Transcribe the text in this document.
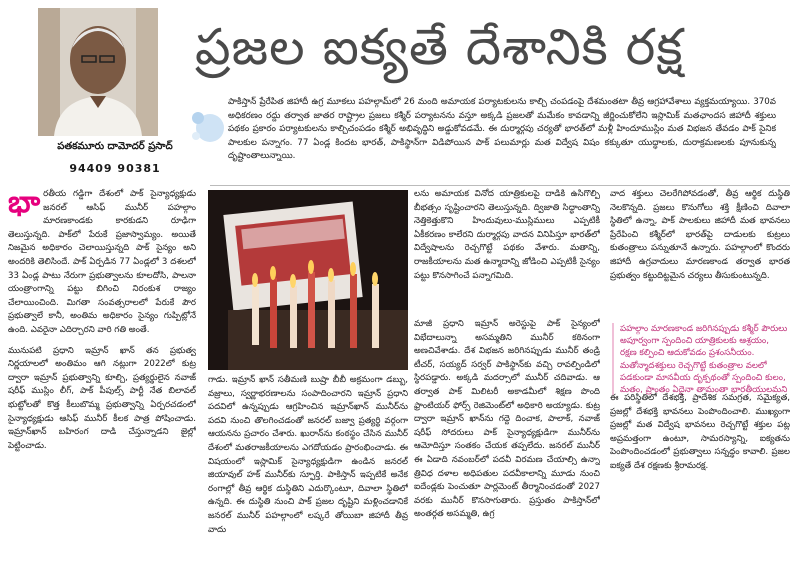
ప్రజల ఐక్యతే దేశానికి రక్ష
పతకమూరు దామోదర్ ప్రసాద్
94409 90381
పాకిస్తాన్ ప్రేరేపిత జిహాదీ ఉగ్ర మూకలు పహల్గామ్‌లో 26 మంది అమాయక పర్యాటకులను కాల్చి చంపడంపై దేశమంతటా తీవ్ర ఆగ్రహావేశాలు వ్యక్తమయ్యాయి. 370వ అధికరణం రద్దు తర్వాత జాతర రాష్ట్రాల ప్రజలు కశ్మీర్ పర్యాటనను వస్తూ అక్కడి ప్రజలతో మమేకం కావడాన్ని జీర్ణించుకోలేని ఇస్లామిక్ మతఛాందస జిహాదీ శక్తులు పథకం ప్రకారం పర్యాటకులను కాల్చిచంపడం కశ్మీర్ అభివృద్ధిని అడ్డుకోవడమే. ఈ దుర్మార్గపు చర్యతో భారత్‌లో మళ్లీ హిందూముస్లిం మత విభజన తేవడం పాక్ సైనిక పాలకుల పన్నాగం. 77 ఏండ్ల కిందట భారత్, పాకిస్థాన్‌గా విడిపోయిన పాక్ పలుమార్లు మత విద్వేష విషం కక్కుతూ యుద్ధాలకు, దురాక్రమణలకు పూనుకున్న దృష్టాంతాలున్నాయి.

భారతీయ గడ్డిగా దేశంలో పాక్ సైన్యాధ్యక్షుడు జనరల్ ఆసిఫ్ మునీర్ పహల్గాం మారణకాండకు కారకుడని రూఢిగా తెలుస్తున్నది. పాక్‌లో పేరుకే ప్రజాస్వామ్యం. అయితే నిజమైన అధికారం చెలాయిస్తున్నది పాక్ సైన్యం అని అందరికి తెలిసిందే. పాక్ ఏర్పడిన 77 ఏండ్లలో 3 దశలలో 33 ఏండ్ల పాటు నేరుగా ప్రభుత్వాలను కూలదోసి, పాలనా యంత్రాంగాన్ని పట్టు బిగించి నిరంకుశ రాజ్యం చేలాయించింది. మిగతా సంవత్సరాలలో పేరుకే పౌర ప్రభుత్వాలే కానీ, అంతిమ అధికారం సైన్యం గుప్పిట్లోనే ఉంది. ఎవరైనా ఎదిర్చారని వారి గతి అంతే.

మునుపటి ప్రధాని ఇమ్రాన్ ఖాన్ తన ప్రభుత్వ నిర్ణయాలలో అంతిమం ఆగి నట్లుగా 2022లో కుట్ర ద్వారా ఇమ్రాన్ ప్రభుత్వాన్ని కూల్చి, ప్రత్యర్థులైన నవాజ్ షరీఫ్ ముస్లిం లీగ్, పాక్ పీపుల్స్ పార్టీ నేత బిలావల్ భుట్టోలతో కొత్త కీలుబొమ్మ ప్రభుత్వాన్ని ఏర్పరచడంలో సైన్యాధ్యక్షుడు ఆసిఫ్ మునీర్ కీలక పాత్ర పోషించాడు. ఇమ్రాన్‌ఖాన్ బహిరంగ దాడి చేస్తున్నాడని జైల్లో పెట్టించాడు.

గాడు. ఇమ్రాన్ ఖాన్ సతీమణి బుష్రా బీబీ అక్రమంగా డబ్బు, వజ్రాలు, స్వర్ణాభరణాలను సంపాదించారని ఇమ్రాన్ ప్రధాని పదవిలో ఉన్నప్పుడు ఆగ్రహించిన ఇమ్రాన్‌ఖాన్ మునీర్‌ను పదవి నుంచి తొలగించడంతో జనరల్ బజ్వా ప్రత్యర్థి వర్గంగా ఆయనను ప్రచారం చేశారు. ఖురాన్‌ను కంఠస్థం చేసిన మునీర్ దేశంలో మతరాజకీయాలను ఎగదోయడం ప్రారంభించాడు. ఈ విషయంలో ఇస్లామిక్ సైన్యాధ్యక్షుడిగా ఉండిన జనరల్ జియావుల్ హక్ మునీర్‌కు స్ఫూర్తి. పాకిస్తాన్ ఇప్పటికే అనేక రంగాల్లో తీవ్ర ఆర్థిక దుస్థితిని ఎదుర్కొంటూ, దివాలా స్థితిలో ఉన్నది. ఈ దుస్థితి నుంచి పాక్ ప్రజల దృష్టిని మళ్లించడానికే జనరల్ మునీర్ పహల్గాంలో లష్కరే తోయిబా జిహాదీ తీవ్ర వాదు
లను అమాయక వినోద యాత్రికులపై దాడికి ఉసిగొల్పి బీభత్సం సృష్టించారని తెలుస్తున్నది. ద్విజాతి సిద్ధాంతాన్ని నెత్తికెత్తుకొని హిందువులు-ముస్లిములు ఎప్పటికీ ఏకీకరణం కాలేరని దుర్మార్గపు వాదన వినిపిస్తూ భారత్‌లో విద్వేషాలను రెచ్చగొట్టే పథకం వేశారు. మతాన్ని, రాజకీయాలను మత ఉన్మాదాన్ని జోడించి ఎప్పటికీ సైన్యం పట్టు కొనసాగించే పన్నాగమిది.
మాజీ ప్రధాని ఇమ్రాన్ అరెస్టుపై పాక్ సైన్యంలో విభేదాలున్నా అసమ్మతిని మునీర్ కఠినంగా అణచివేశాడు. దేశ విభజన జరిగినప్పుడు మునీర్ తండ్రి టీచర్, సయ్యద్ సర్వర్ పాకిస్థాన్‌కు వచ్చి రావల్పిండిలో స్థిరపడ్డారు. అక్కడి మదర్సాలో మునీర్ చదివాడు. ఆ తర్వాత పాక్ మిలిటరీ అకాడమీలో శిక్షణ పొంది ఫ్రాంటియర్ ఫోర్స్ రెజిమెంట్‌లో అధికారి అయ్యాడు. కుట్ర ద్వారా ఇమ్రాన్ ఖాన్‌ను గద్దె దించాక, పాలాక్, నవాజ్ షరీఫ్ సోదరులు పాక్ సైన్యాధ్యక్షుడిగా మునీర్‌ను ఆమోదిస్తూ సంతకం చేయక తప్పలేదు. జనరల్ మునీర్ ఈ ఏడాది నవంబర్‌లో పదవీ విరమణ చేయాల్సి ఉన్నా త్రివిధ దళాల అధిపతుల పదవీకాలాన్ని మూడు నుంచి ఐదేండ్లకు పెంచుతూ పార్లమెంట్ తీర్మానించడంతో 2027 వరకు మునీర్ కొనసాగుతారు. ప్రస్తుతం పాకిస్తాన్‌లో అంతర్గత అసమ్మతి, ఉగ్ర
వాద శక్తులు చెలరేగిపోవడంతో, తీవ్ర ఆర్థిక దుస్థితి నెలకొన్నది. ప్రజలు కొనుగోలు శక్తి క్షీణించి దివాలా స్థితిలో ఉన్నా, పాక్ పాలకులు జిహాదీ మత భావనలు ప్రేరేపించి కశ్మీర్‌లో భారత్‌పై దాడులకు కుట్రలు కుతంత్రాలు పన్నుతూనే ఉన్నారు. పహల్గాంలో కొందరు జిహాదీ ఉగ్రవాదులు మారణకాండ తర్వాత భారత ప్రభుత్వం కట్టుదిట్టమైన చర్యలు తీసుకుంటున్నది.
పహల్గాం మారణకాండ జరిగినప్పుడు కశ్మీర్ పౌరులు అపూర్వంగా స్పందించి యాత్రికులకు ఆశ్రయం, రక్షణ కల్పించి ఆదుకోవడం ప్రశంసనీయం. మతోన్మాదశక్తులు రెచ్చగొట్టే కుతంత్రాల వలలో పడకుండా మానవీయ దృక్పథంతో స్పందించి కులం, మతం, ప్రాంతం ఏదైనా తామంతా భారతీయులమని
ఈ పరిస్థితిలో దేశభక్తి, ప్రాదేశిక సమగ్రత, సమైక్యత, ప్రజల్లో దేశభక్తి భావనలు పెంపొందించాలి. ముఖ్యంగా ప్రజల్లో మత విద్వేష భావనలు రెచ్చగొట్టే శక్తుల పట్ల అప్రమత్తంగా ఉంటూ, సామరస్యాన్ని, ఐక్యతను పెంపొందించడంలో ప్రభుత్వాలు సన్నద్ధం కావాలి. ప్రజల ఐక్యతే దేశ రక్షణకు శ్రీరామరక్ష.
